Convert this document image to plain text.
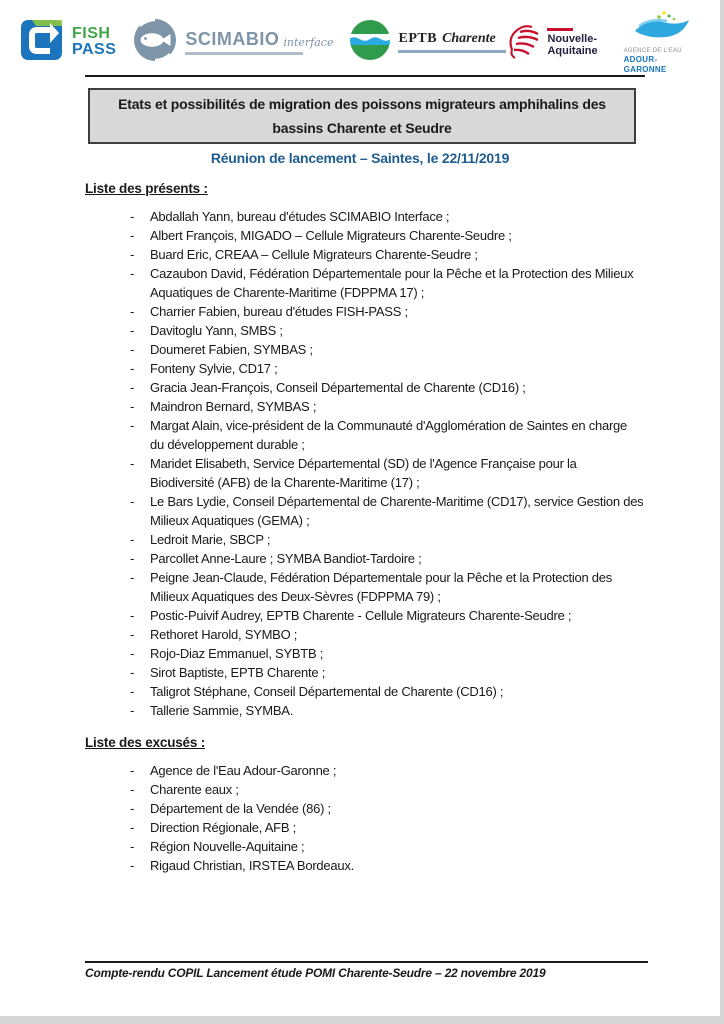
FISH
PASS
SCIMABIO interface	EPTB Charente	Nouvelle-
Aquitaine	AGENCE DE L'EAU
ADOUR-GARONNE
Etats et possibilités de migration des poissons migrateurs amphihalins des bassins Charente et Seudre
Réunion de lancement – Saintes, le 22/11/2019
Liste des présents :
-	Abdallah Yann, bureau d'études SCIMABIO Interface ;
-	Albert François, MIGADO – Cellule Migrateurs Charente-Seudre ;
-	Buard Eric, CREAA – Cellule Migrateurs Charente-Seudre ;
-	Cazaubon David, Fédération Départementale pour la Pêche et la Protection des Milieux Aquatiques de Charente-Maritime (FDPPMA 17) ;
-	Charrier Fabien, bureau d'études FISH-PASS ;
-	Davitoglu Yann, SMBS ;
-	Doumeret Fabien, SYMBAS ;
-	Fonteny Sylvie, CD17 ;
-	Gracia Jean-François, Conseil Départemental de Charente (CD16) ;
-	Maindron Bernard, SYMBAS ;
-	Margat Alain, vice-président de la Communauté d'Agglomération de Saintes en charge du développement durable ;
-	Maridet Elisabeth, Service Départemental (SD) de l'Agence Française pour la Biodiversité (AFB) de la Charente-Maritime (17) ;
-	Le Bars Lydie, Conseil Départemental de Charente-Maritime (CD17), service Gestion des Milieux Aquatiques (GEMA) ;
-	Ledroit Marie, SBCP ;
-	Parcollet Anne-Laure ; SYMBA Bandiot-Tardoire ;
-	Peigne Jean-Claude, Fédération Départementale pour la Pêche et la Protection des Milieux Aquatiques des Deux-Sèvres (FDPPMA 79) ;
-	Postic-Puivif Audrey, EPTB Charente - Cellule Migrateurs Charente-Seudre ;
-	Rethoret Harold, SYMBO ;
-	Rojo-Diaz Emmanuel, SYBTB ;
-	Sirot Baptiste, EPTB Charente ;
-	Taligrot Stéphane, Conseil Départemental de Charente (CD16) ;
-	Tallerie Sammie, SYMBA.
Liste des excusés :
-	Agence de l'Eau Adour-Garonne ;
-	Charente eaux ;
-	Département de la Vendée (86) ;
-	Direction Régionale, AFB ;
-	Région Nouvelle-Aquitaine ;
-	Rigaud Christian, IRSTEA Bordeaux.
Compte-rendu COPIL Lancement étude POMI Charente-Seudre – 22 novembre 2019
